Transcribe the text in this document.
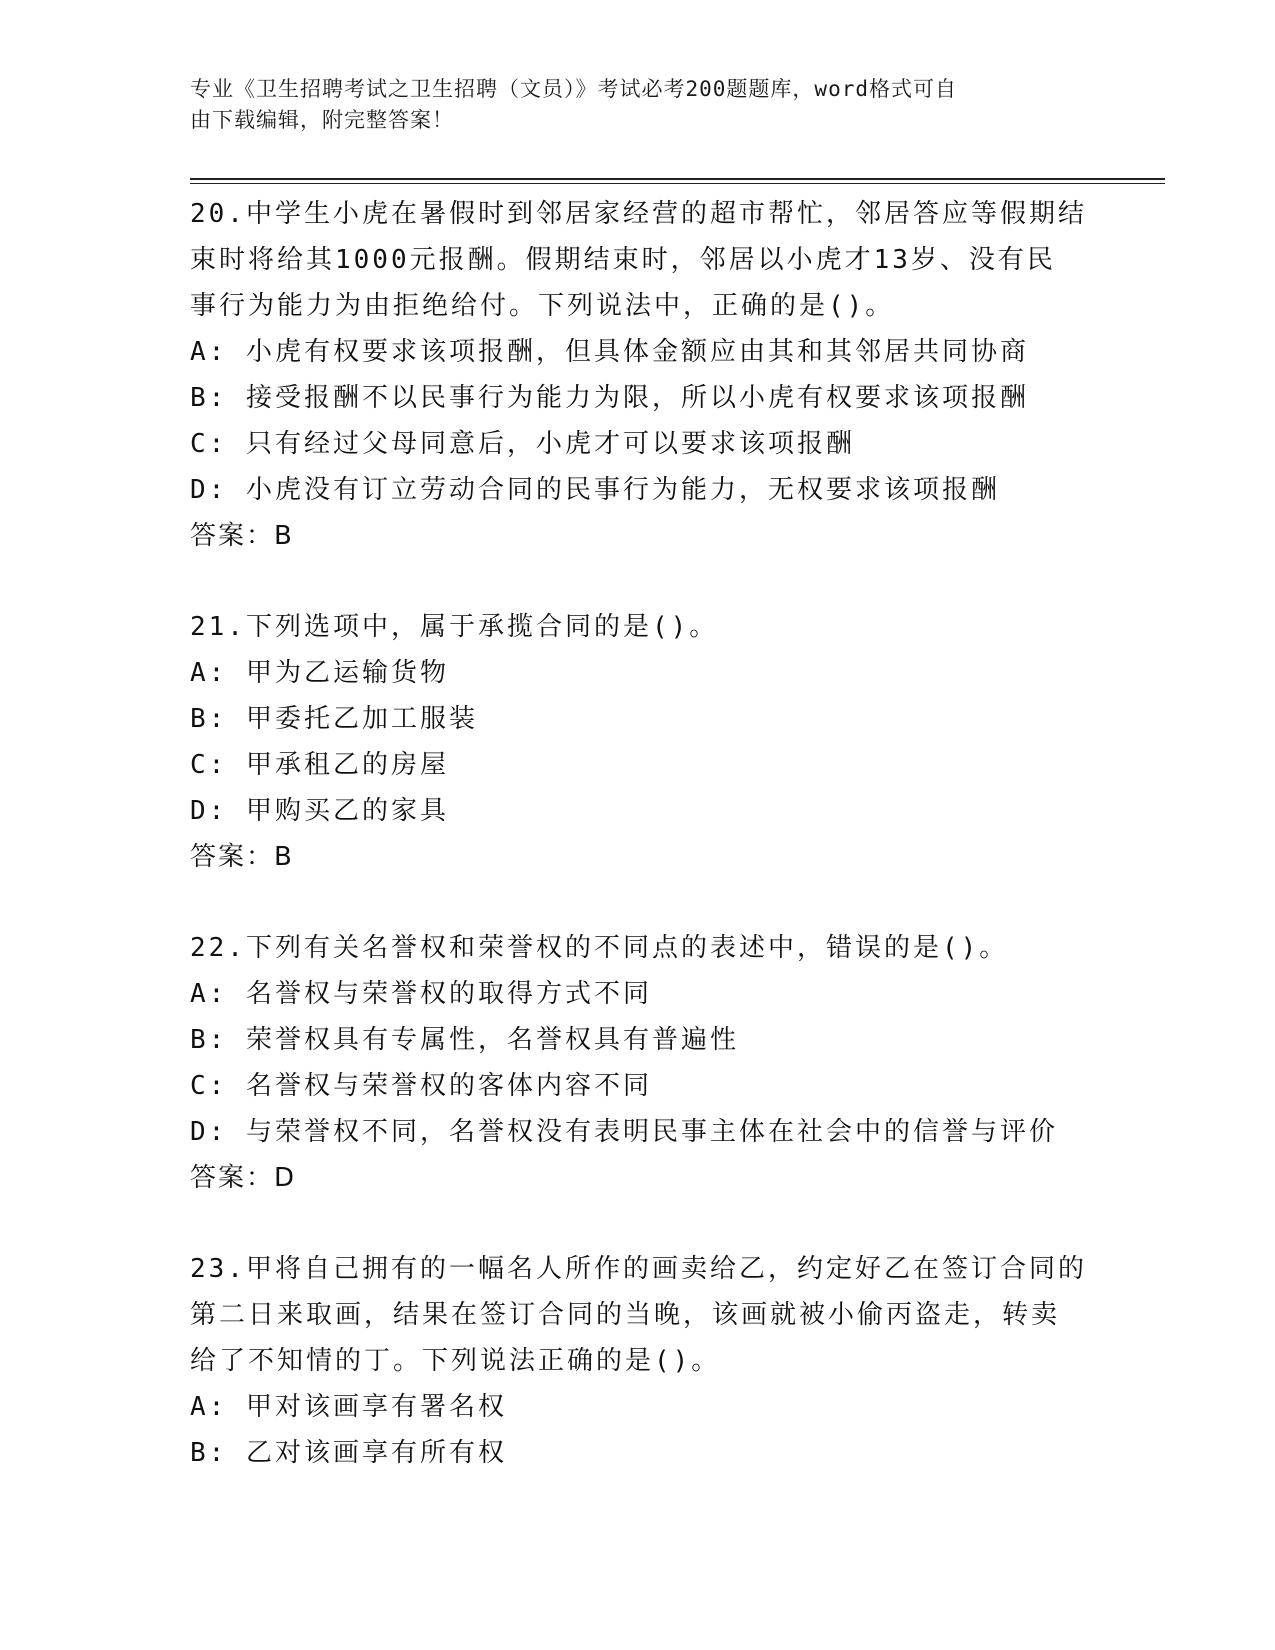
专业《卫生招聘考试之卫生招聘（文员）》考试必考200题题库，word格式可自
由下载编辑，附完整答案！
20.中学生小虎在暑假时到邻居家经营的超市帮忙，邻居答应等假期结
束时将给其1000元报酬。假期结束时，邻居以小虎才13岁、没有民
事行为能力为由拒绝给付。下列说法中，正确的是()。
A: 小虎有权要求该项报酬，但具体金额应由其和其邻居共同协商
B: 接受报酬不以民事行为能力为限，所以小虎有权要求该项报酬
C: 只有经过父母同意后，小虎才可以要求该项报酬
D: 小虎没有订立劳动合同的民事行为能力，无权要求该项报酬
答案：B
21.下列选项中，属于承揽合同的是()。
A: 甲为乙运输货物
B: 甲委托乙加工服装
C: 甲承租乙的房屋
D: 甲购买乙的家具
答案：B
22.下列有关名誉权和荣誉权的不同点的表述中，错误的是()。
A: 名誉权与荣誉权的取得方式不同
B: 荣誉权具有专属性，名誉权具有普遍性
C: 名誉权与荣誉权的客体内容不同
D: 与荣誉权不同，名誉权没有表明民事主体在社会中的信誉与评价
答案：D
23.甲将自己拥有的一幅名人所作的画卖给乙，约定好乙在签订合同的
第二日来取画，结果在签订合同的当晚，该画就被小偷丙盗走，转卖
给了不知情的丁。下列说法正确的是()。
A: 甲对该画享有署名权
B: 乙对该画享有所有权
